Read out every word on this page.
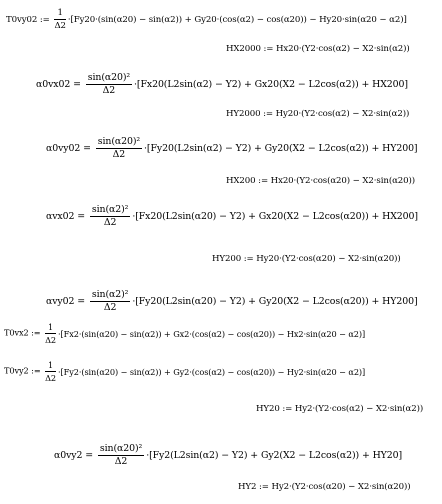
T0vy02 := $\frac{1}{\Delta 2} \cdot[Fy20\cdot(\sin(\alpha 20) - \sin(\alpha 2)) + Gy20\cdot(\cos(\alpha 2) - \cos(\alpha 20)) - Hy20\cdot\sin(\alpha 20 - \alpha 2)]$
HX2000 := Hx20·(Y2·cos(α2) − X2·sin(α2))
$\alpha 0vx02 = \frac{\text{sin(α20)²}}{\Delta 2} \cdot[Fx20(L2\sin(\alpha 2) - Y2) + Gx20(X2 - L2\cos(\alpha 2)) + HX200]$
HY2000 := Hy20·(Y2·cos(α2) − X2·sin(α2))
$\alpha 0vy02 = \frac{\text{sin(α20)²}}{\Delta 2} \cdot[Fy20(L2\sin(\alpha 2) - Y2) + Gy20(X2 - L2\cos(\alpha 2)) + HY200]$
HX200 := Hx20·(Y2·cos(α20) − X2·sin(α20))
$\alpha vx02 = \frac{\text{sin(α2)²}}{\Delta 2} \cdot[Fx20(L2\sin(\alpha 20) - Y2) + Gx20(X2 - L2\cos(\alpha 20)) + HX200]$
HY200 := Hy20·(Y2·cos(α20) − X2·sin(α20))
$\alpha vy02 = \frac{\text{sin(α2)²}}{\Delta 2} \cdot[Fy20(L2\sin(\alpha 20) - Y2) + Gy20(X2 - L2\cos(\alpha 20)) + HY200]$
T0vx2 := $\frac{1}{\Delta 2} \cdot[Fx2\cdot(\sin(\alpha 20) - \sin(\alpha 2)) + Gx2\cdot(\cos(\alpha 2) - \cos(\alpha 20)) - Hx2\cdot\sin(\alpha 20 - \alpha 2)]$
T0vy2 := $\frac{1}{\Delta 2} \cdot[Fy2\cdot(\sin(\alpha 20) - \sin(\alpha 2)) + Gy2\cdot(\cos(\alpha 2) - \cos(\alpha 20)) - Hy2\cdot\sin(\alpha 20 - \alpha 2)]$
HY20 := Hy2·(Y2·cos(α2) − X2·sin(α2))
$\alpha 0vy2 = \frac{\text{sin(α20)²}}{\Delta 2} \cdot[Fy2(L2\sin(\alpha 2) - Y2) + Gy2(X2 - L2\cos(\alpha 2)) + HY20]$
HY2 := Hy2·(Y2·cos(α20) − X2·sin(α20))
